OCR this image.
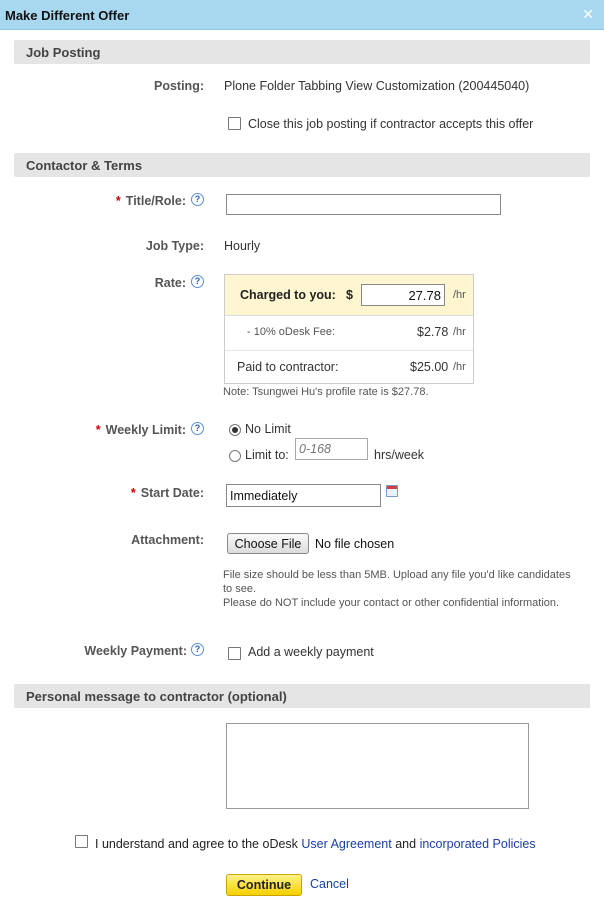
Make Different Offer	✕
Job Posting
Posting: Plone Folder Tabbing View Customization (200445040)
Close this job posting if contractor accepts this offer
Contactor & Terms
* Title/Role: ?
Job Type: Hourly
Rate: ?
Charged to you: $
27.78	/hr
- 10% oDesk Fee:	$2.78 /hr
Paid to contractor:	$25.00 /hr
Note: Tsungwei Hu's profile rate is $27.78.
* Weekly Limit: ?	No Limit
Limit to:
0-168	hrs/week
* Start Date:
Immediately
Attachment:	Choose File	No file chosen
File size should be less than 5MB. Upload any file you'd like candidates to see.
Please do NOT include your contact or other confidential information.
Weekly Payment: ?	Add a weekly payment
Personal message to contractor (optional)
I understand and agree to the oDesk User Agreement and incorporated Policies
Continue	Cancel
